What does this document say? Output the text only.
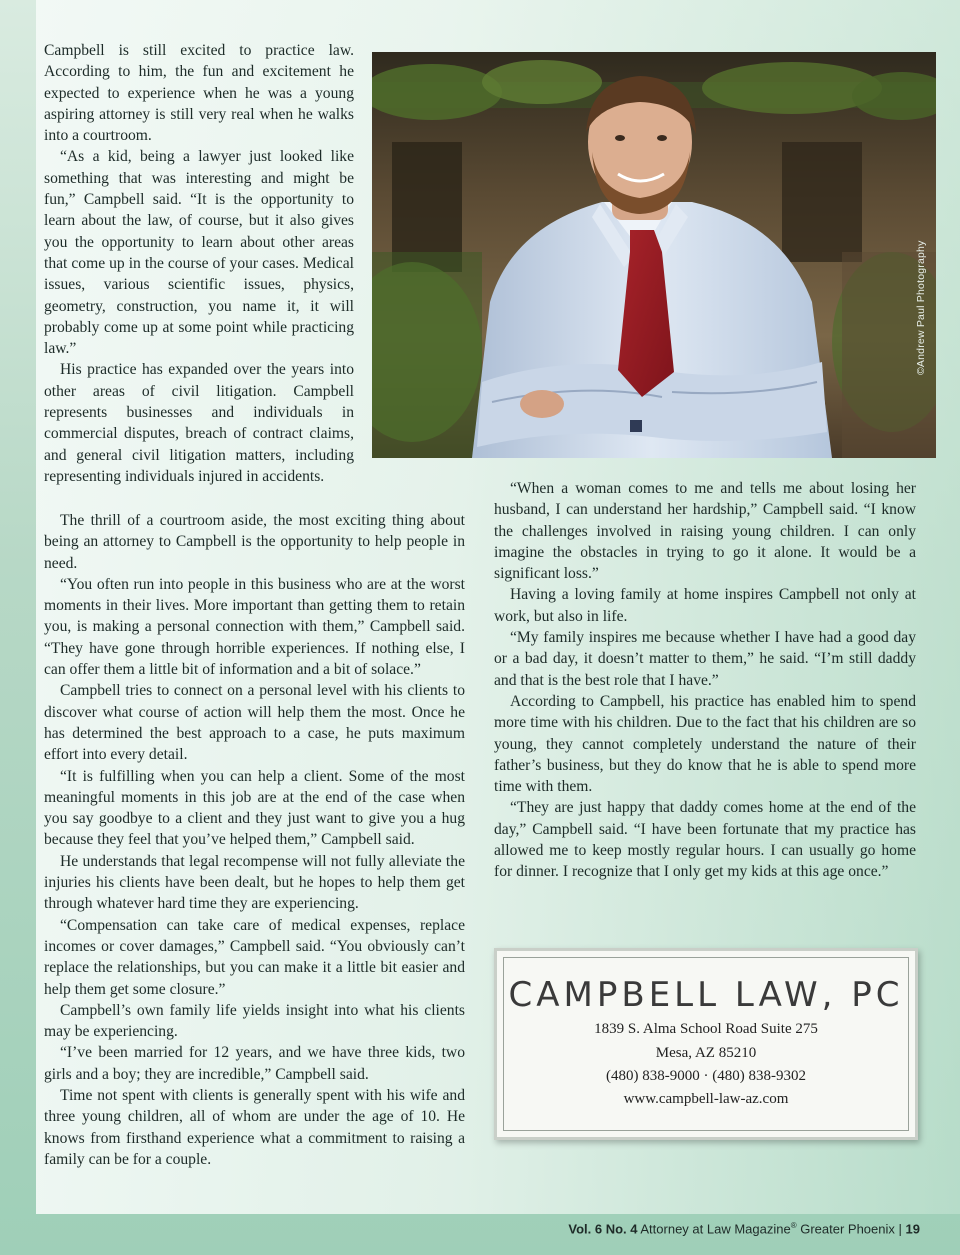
Campbell is still excited to practice law. According to him, the fun and excitement he expected to experience when he was a young aspiring attorney is still very real when he walks into a courtroom.

“As a kid, being a lawyer just looked like something that was interesting and might be fun,” Campbell said. “It is the opportunity to learn about the law, of course, but it also gives you the opportunity to learn about other areas that come up in the course of your cases. Medical issues, various scientific issues, physics, geometry, construction, you name it, it will probably come up at some point while practicing law.”

His practice has expanded over the years into other areas of civil litigation. Campbell represents businesses and individuals in commercial disputes, breach of contract claims, and general civil litigation matters, including representing individuals injured in accidents.

©Andrew Paul Photography

The thrill of a courtroom aside, the most exciting thing about being an attorney to Campbell is the opportunity to help people in need.

“You often run into people in this business who are at the worst moments in their lives. More important than getting them to retain you, is making a personal connection with them,” Campbell said. “They have gone through horrible experiences. If nothing else, I can offer them a little bit of information and a bit of solace.”

Campbell tries to connect on a personal level with his clients to discover what course of action will help them the most. Once he has determined the best approach to a case, he puts maximum effort into every detail.

“It is fulfilling when you can help a client. Some of the most meaningful moments in this job are at the end of the case when you say goodbye to a client and they just want to give you a hug because they feel that you’ve helped them,” Campbell said.

He understands that legal recompense will not fully alleviate the injuries his clients have been dealt, but he hopes to help them get through whatever hard time they are experiencing.

“Compensation can take care of medical expenses, replace incomes or cover damages,” Campbell said. “You obviously can’t replace the relationships, but you can make it a little bit easier and help them get some closure.”

Campbell’s own family life yields insight into what his clients may be experiencing.

“I’ve been married for 12 years, and we have three kids, two girls and a boy; they are incredible,” Campbell said.

Time not spent with clients is generally spent with his wife and three young children, all of whom are under the age of 10. He knows from firsthand experience what a commitment to raising a family can be for a couple.

“When a woman comes to me and tells me about losing her husband, I can understand her hardship,” Campbell said. “I know the challenges involved in raising young children. I can only imagine the obstacles in trying to go it alone. It would be a significant loss.”

Having a loving family at home inspires Campbell not only at work, but also in life.

“My family inspires me because whether I have had a good day or a bad day, it doesn’t matter to them,” he said. “I’m still daddy and that is the best role that I have.”

According to Campbell, his practice has enabled him to spend more time with his children. Due to the fact that his children are so young, they cannot completely understand the nature of their father’s business, but they do know that he is able to spend more time with them.

“They are just happy that daddy comes home at the end of the day,” Campbell said. “I have been fortunate that my practice has allowed me to keep mostly regular hours. I can usually go home for dinner. I recognize that I only get my kids at this age once.”

CAMPBELL LAW, PC
1839 S. Alma School Road Suite 275
Mesa, AZ 85210
(480) 838-9000 · (480) 838-9302
www.campbell-law-az.com
Vol. 6 No. 4 Attorney at Law Magazine® Greater Phoenix | 19
